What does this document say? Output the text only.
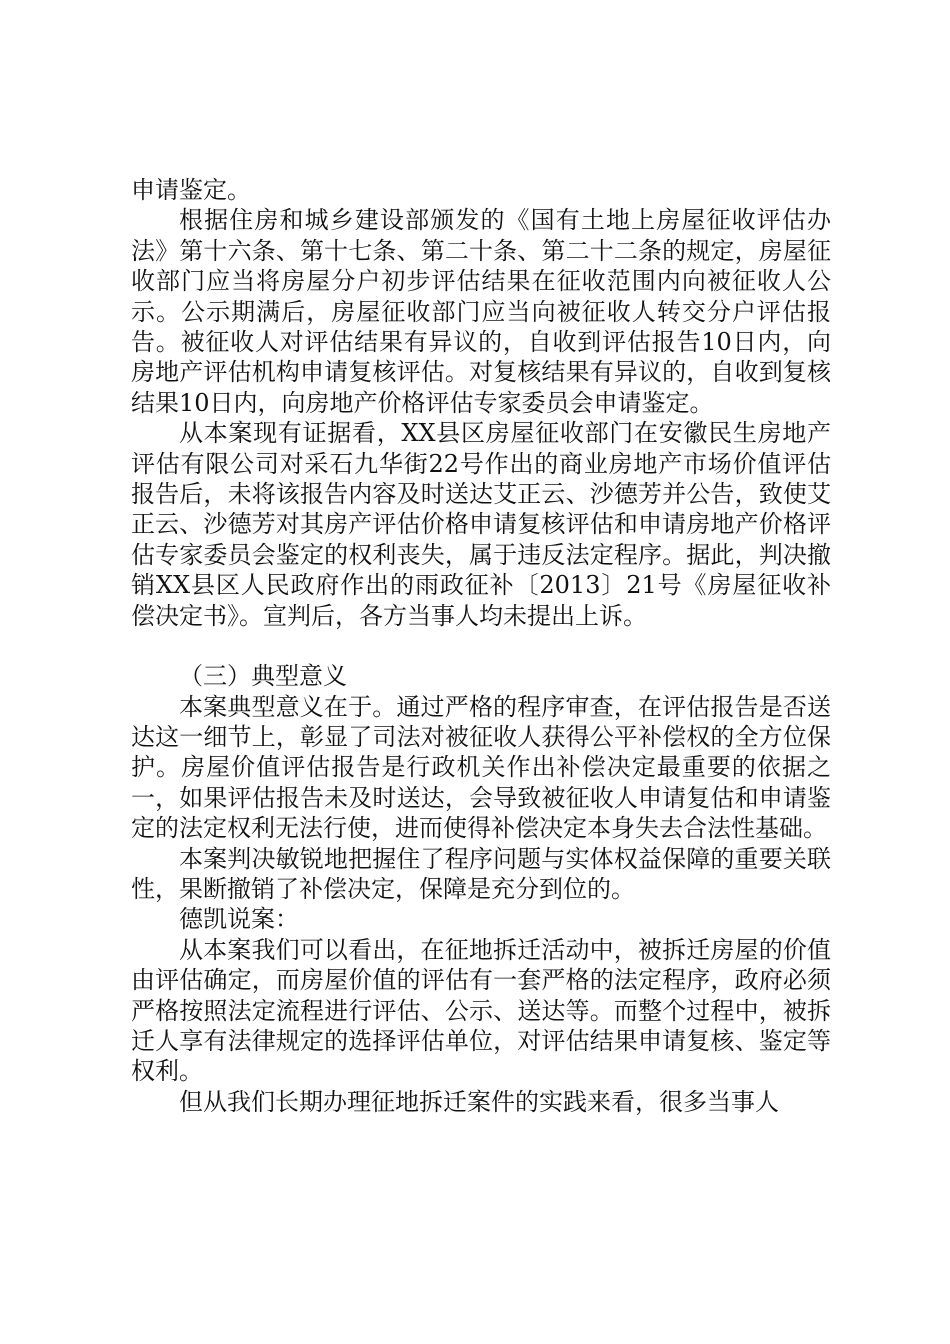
申请鉴定。

根据住房和城乡建设部颁发的《国有土地上房屋征收评估办法》第十六条、第十七条、第二十条、第二十二条的规定，房屋征收部门应当将房屋分户初步评估结果在征收范围内向被征收人公示。公示期满后，房屋征收部门应当向被征收人转交分户评估报告。被征收人对评估结果有异议的，自收到评估报告10日内，向房地产评估机构申请复核评估。对复核结果有异议的，自收到复核结果10日内，向房地产价格评估专家委员会申请鉴定。

从本案现有证据看，XX县区房屋征收部门在安徽民生房地产评估有限公司对采石九华街22号作出的商业房地产市场价值评估报告后，未将该报告内容及时送达艾正云、沙德芳并公告，致使艾正云、沙德芳对其房产评估价格申请复核评估和申请房地产价格评估专家委员会鉴定的权利丧失，属于违反法定程序。据此，判决撤销XX县区人民政府作出的雨政征补〔2013〕21号《房屋征收补偿决定书》。宣判后，各方当事人均未提出上诉。

（三）典型意义

本案典型意义在于。通过严格的程序审查，在评估报告是否送达这一细节上，彰显了司法对被征收人获得公平补偿权的全方位保护。房屋价值评估报告是行政机关作出补偿决定最重要的依据之一，如果评估报告未及时送达，会导致被征收人申请复估和申请鉴定的法定权利无法行使，进而使得补偿决定本身失去合法性基础。

本案判决敏锐地把握住了程序问题与实体权益保障的重要关联性，果断撤销了补偿决定，保障是充分到位的。

德凯说案：

从本案我们可以看出，在征地拆迁活动中，被拆迁房屋的价值由评估确定，而房屋价值的评估有一套严格的法定程序，政府必须严格按照法定流程进行评估、公示、送达等。而整个过程中，被拆迁人享有法律规定的选择评估单位，对评估结果申请复核、鉴定等权利。

但从我们长期办理征地拆迁案件的实践来看，很多当事人
